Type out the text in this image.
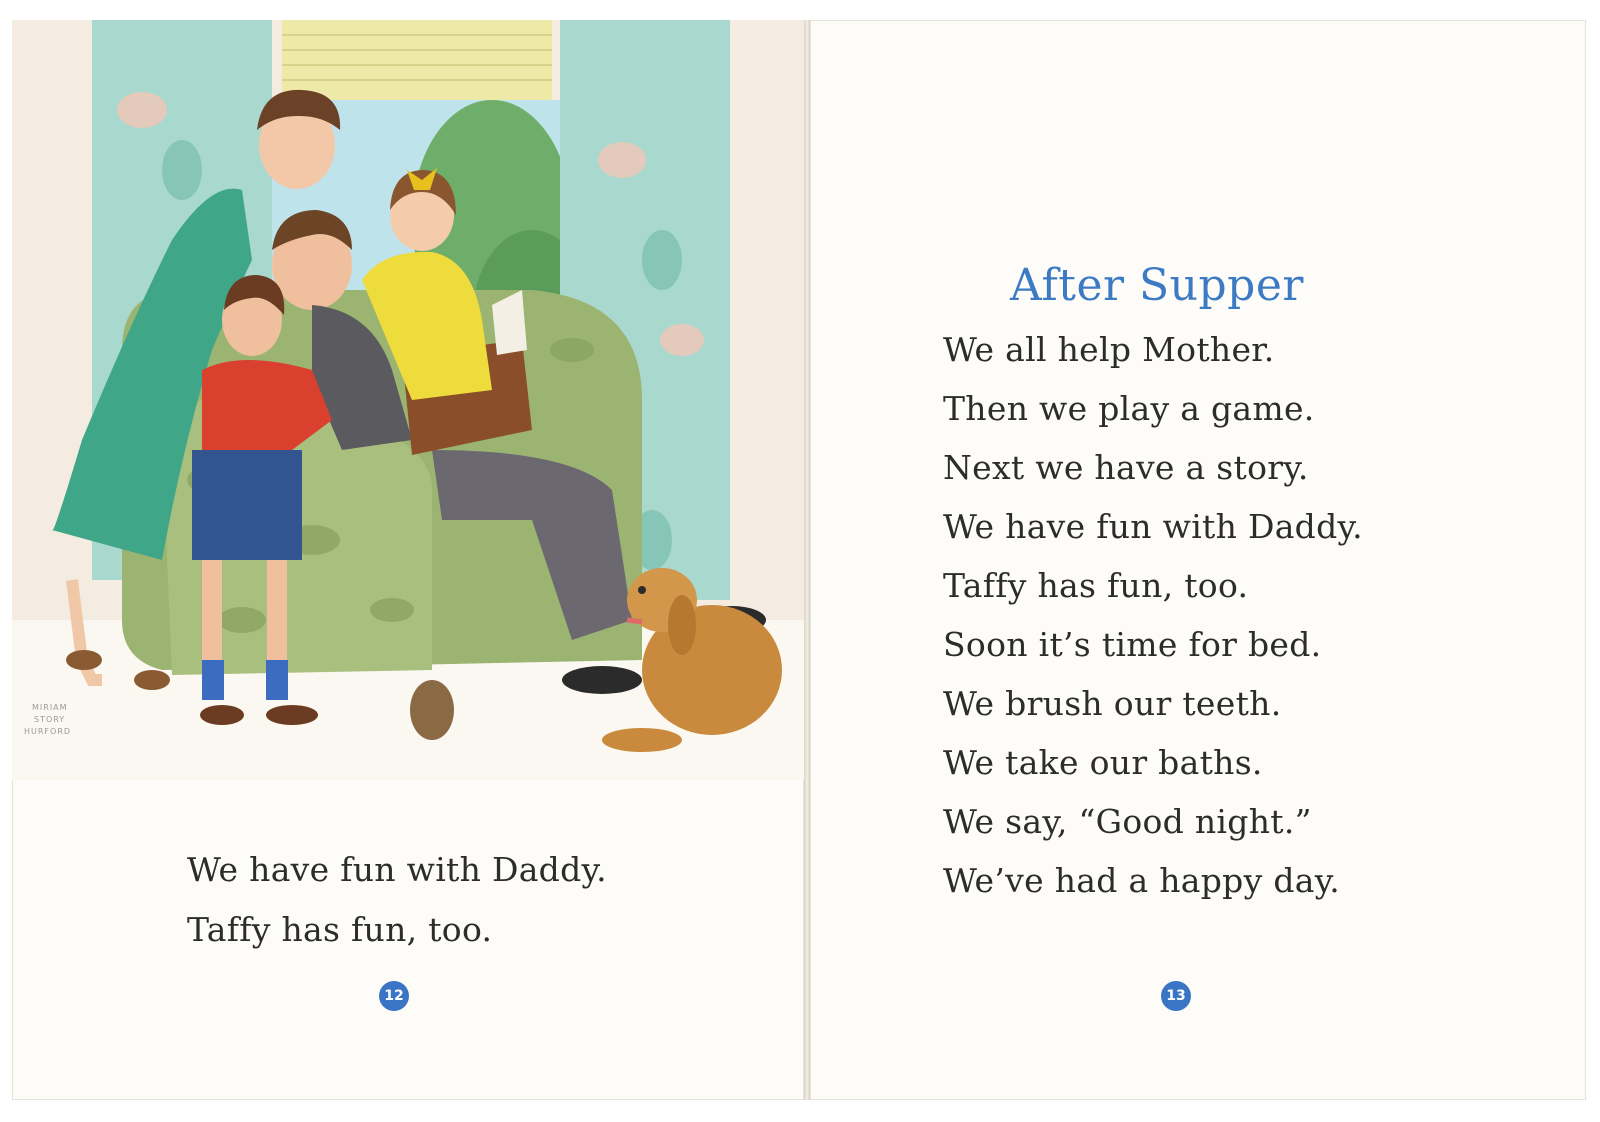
MIRIAM
STORY
HURFORD
We have fun with Daddy.
Taffy has fun, too.
12
After Supper
We all help Mother.
Then we play a game.
Next we have a story.
We have fun with Daddy.
Taffy has fun, too.
Soon it’s time for bed.
We brush our teeth.
We take our baths.
We say, “Good night.”
We’ve had a happy day.
13
